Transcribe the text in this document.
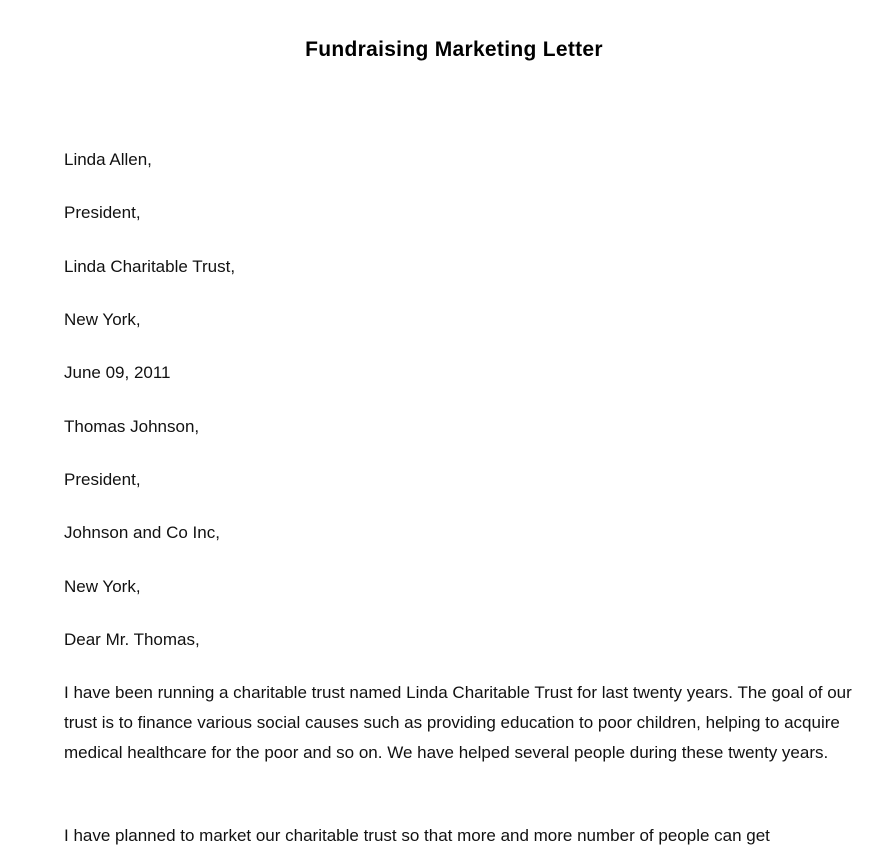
Fundraising Marketing Letter

Linda Allen,

President,

Linda Charitable Trust,

New York,

June 09, 2011

Thomas Johnson,

President,

Johnson and Co Inc,

New York,

Dear Mr. Thomas,

I have been running a charitable trust named Linda Charitable Trust for last twenty years. The goal of our trust is to finance various social causes such as providing education to poor children, helping to acquire medical healthcare for the poor and so on. We have helped several people during these twenty years.

I have planned to market our charitable trust so that more and more number of people can get
